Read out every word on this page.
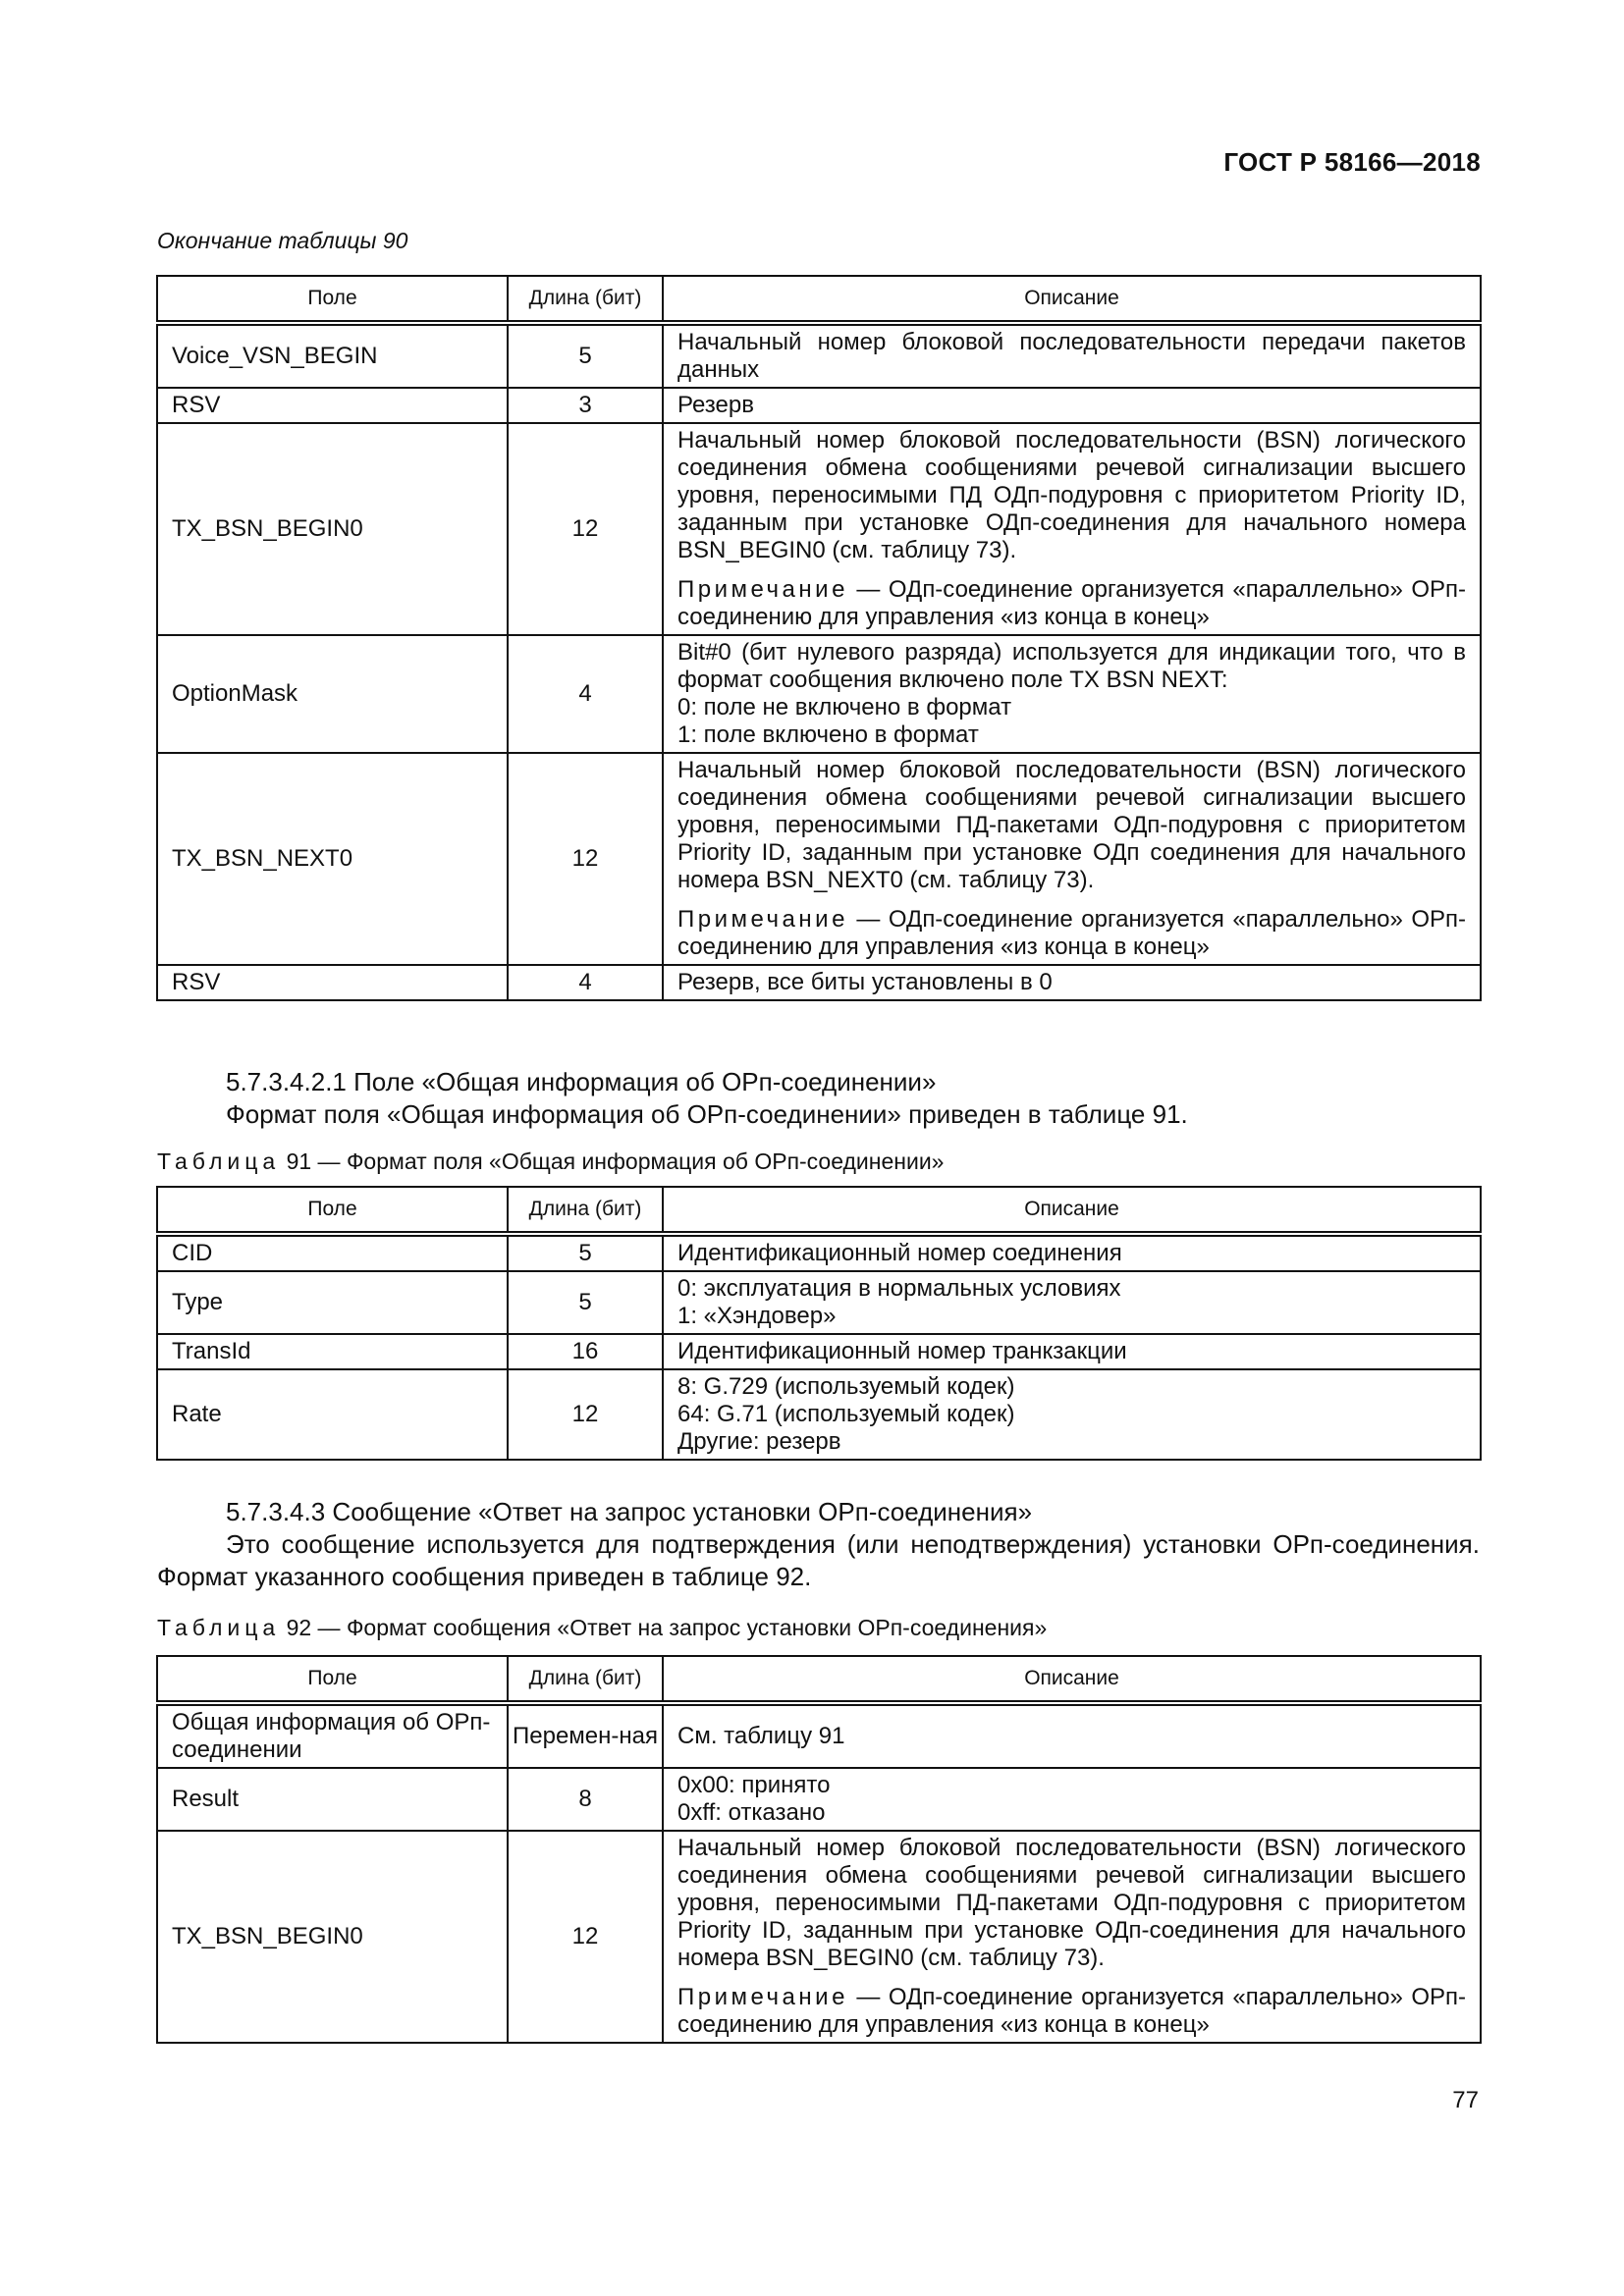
ГОСТ Р 58166—2018
Окончание таблицы 90
Поле	Длина (бит)	Описание
Voice_VSN_BEGIN	5	Начальный номер блоковой последовательности передачи пакетов данных

RSV	3	Резерв

TX_BSN_BEGIN0	12	Начальный номер блоковой последовательности (BSN) логического соединения обмена сообщениями речевой сигнализации высшего уровня, переносимыми ПД ОДп-подуровня с приоритетом Priority ID, заданным при установке ОДп-соединения для начального номера BSN_BEGIN0 (см. таблицу 73).
Примечание — ОДп-соединение организуется «параллельно» ОРп-соединению для управления «из конца в конец»

OptionMask	4	Bit#0 (бит нулевого разряда) используется для индикации того, что в формат сообщения включено поле TX BSN NEXT:
0: поле не включено в формат
1: поле включено в формат

TX_BSN_NEXT0	12	Начальный номер блоковой последовательности (BSN) логического соединения обмена сообщениями речевой сигнализации высшего уровня, переносимыми ПД-пакетами ОДп-подуровня с приоритетом Priority ID, заданным при установке ОДп соединения для начального номера BSN_NEXT0 (см. таблицу 73).
Примечание — ОДп-соединение организуется «параллельно» ОРп-соединению для управления «из конца в конец»

RSV	4	Резерв, все биты установлены в 0
5.7.3.4.2.1 Поле «Общая информация об ОРп-соединении»
Формат поля «Общая информация об ОРп-соединении» приведен в таблице 91.
Таблица 91 — Формат поля «Общая информация об ОРп-соединении»
Поле	Длина (бит)	Описание
CID	5	Идентификационный номер соединения

Type	5	0: эксплуатация в нормальных условиях
1: «Хэндовер»

TransId	16	Идентификационный номер транкзакции

Rate	12	8: G.729 (используемый кодек)
64: G.71 (используемый кодек)
Другие: резерв
5.7.3.4.3 Сообщение «Ответ на запрос установки ОРп-соединения»
Это сообщение используется для подтверждения (или неподтверждения) установки ОРп-соединения. Формат указанного сообщения приведен в таблице 92.
Таблица 92 — Формат сообщения «Ответ на запрос установки ОРп-соединения»
Поле	Длина (бит)	Описание
Общая информация об ОРп-соединении	Перемен-ная	См. таблицу 91

Result	8	0x00: принято
0xff: отказано

TX_BSN_BEGIN0	12	Начальный номер блоковой последовательности (BSN) логического соединения обмена сообщениями речевой сигнализации высшего уровня, переносимыми ПД-пакетами ОДп-подуровня с приоритетом Priority ID, заданным при установке ОДп-соединения для начального номера BSN_BEGIN0 (см. таблицу 73).
Примечание — ОДп-соединение организуется «параллельно» ОРп-соединению для управления «из конца в конец»
77
